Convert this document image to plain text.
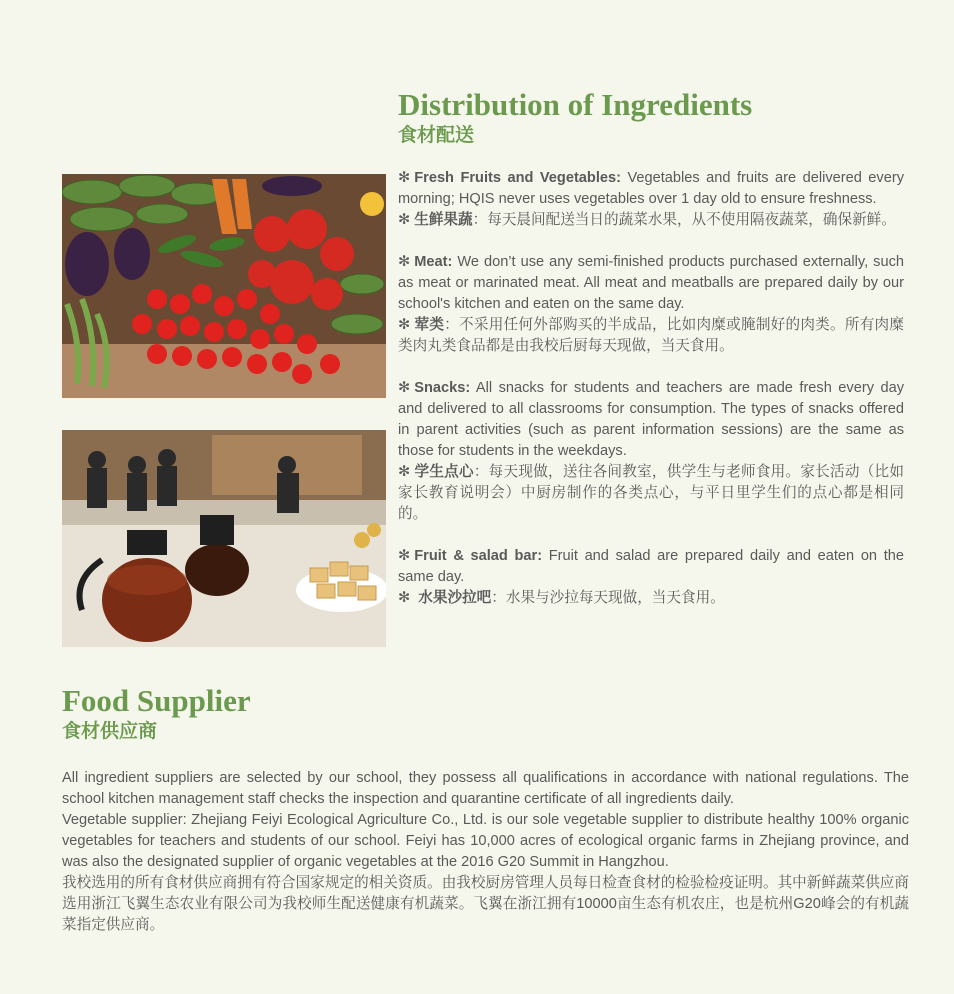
Distribution of Ingredients
食材配送

✻ Fresh Fruits and Vegetables: Vegetables and fruits are delivered every morning; HQIS never uses vegetables over 1 day old to ensure freshness.

✻ 生鲜果蔬：每天晨间配送当日的蔬菜水果，从不使用隔夜蔬菜，确保新鲜。

✻ Meat: We don’t use any semi-finished products purchased externally, such as meat or marinated meat. All meat and meatballs are prepared daily by our school's kitchen and eaten on the same day.

✻ 荤类：不采用任何外部购买的半成品，比如肉糜或腌制好的肉类。所有肉糜类肉丸类食品都是由我校后厨每天现做，当天食用。

✻ Snacks: All snacks for students and teachers are made fresh every day and delivered to all classrooms for consumption. The types of snacks offered in parent activities (such as parent information sessions) are the same as those for students in the weekdays.

✻ 学生点心：每天现做，送往各间教室，供学生与老师食用。家长活动（比如家长教育说明会）中厨房制作的各类点心，与平日里学生们的点心都是相同的。

✻ Fruit & salad bar: Fruit and salad are prepared daily and eaten on the same day.

✻ 水果沙拉吧：水果与沙拉每天现做，当天食用。

Food Supplier
食材供应商

All ingredient suppliers are selected by our school, they possess all qualifications in accordance with national regulations. The school kitchen management staff checks the inspection and quarantine certificate of all ingredients daily.

Vegetable supplier: Zhejiang Feiyi Ecological Agriculture Co., Ltd. is our sole vegetable supplier to distribute healthy 100% organic vegetables for teachers and students of our school. Feiyi has 10,000 acres of ecological organic farms in Zhejiang province, and was also the designated supplier of organic vegetables at the 2016 G20 Summit in Hangzhou.

我校选用的所有食材供应商拥有符合国家规定的相关资质。由我校厨房管理人员每日检查食材的检验检疫证明。其中新鲜蔬菜供应商选用浙江飞翼生态农业有限公司为我校师生配送健康有机蔬菜。飞翼在浙江拥有10000亩生态有机农庄，也是杭州G20峰会的有机蔬菜指定供应商。
